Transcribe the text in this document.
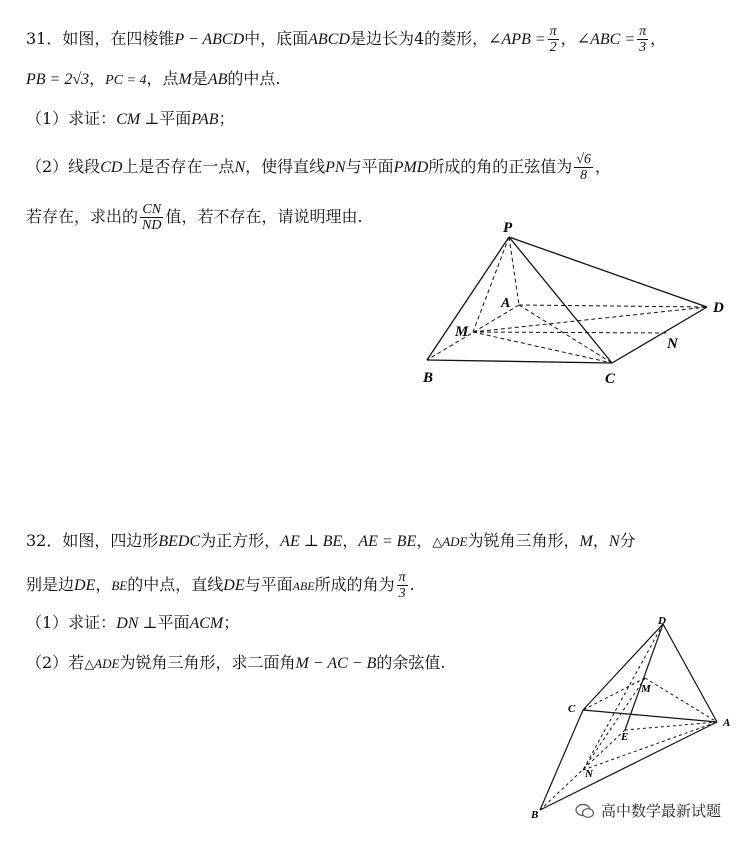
31．如图，在四棱锥P − ABCD中，底面ABCD是边长为4的菱形，∠APB = $\frac{\pi}{2}$ ，∠ABC = $\frac{\pi}{3}$ ，
PB = 2√3，PC = 4，点M是AB的中点.
（1）求证：CM ⊥平面PAB；
（2）线段CD上是否存在一点N，使得直线PN与平面PMD所成的角的正弦值为 $\frac{√6}{8}$ ，
若存在，求出的 $\frac{CN}{ND}$ 值，若不存在，请说明理由.
P
A	D
M
N
B	C
32．如图，四边形BEDC为正方形，AE ⊥ BE，AE = BE，△ADE为锐角三角形，M，N分
别是边DE，BE的中点，直线DE与平面ABE所成的角为 $\frac{\pi}{3}$ .
（1）求证：DN ⊥平面ACM；
（2）若△ADE为锐角三角形，求二面角M − AC − B的余弦值.
D
M
C
A
E
N
B	高中数学最新试题
